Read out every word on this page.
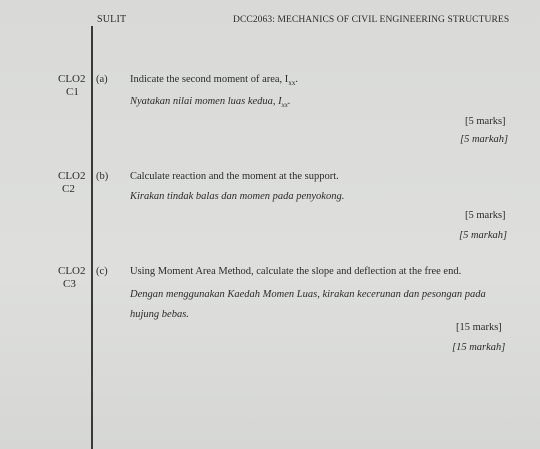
SULIT	DCC2063: MECHANICS OF CIVIL ENGINEERING STRUCTURES
CLO2
C1
(a) Indicate the second moment of area, $I_{xx}$.
Nyatakan nilai momen luas kedua, $I_{xx}$.
[5 marks]
[5 markah]
CLO2
C2
(b) Calculate reaction and the moment at the support.
Kirakan tindak balas dan momen pada penyokong.
[5 marks]
[5 markah]
CLO2
C3
(c) Using Moment Area Method, calculate the slope and deflection at the free end.
Dengan menggunakan Kaedah Momen Luas, kirakan kecerunan dan pesongan pada hujung bebas.
[15 marks]
[15 markah]
